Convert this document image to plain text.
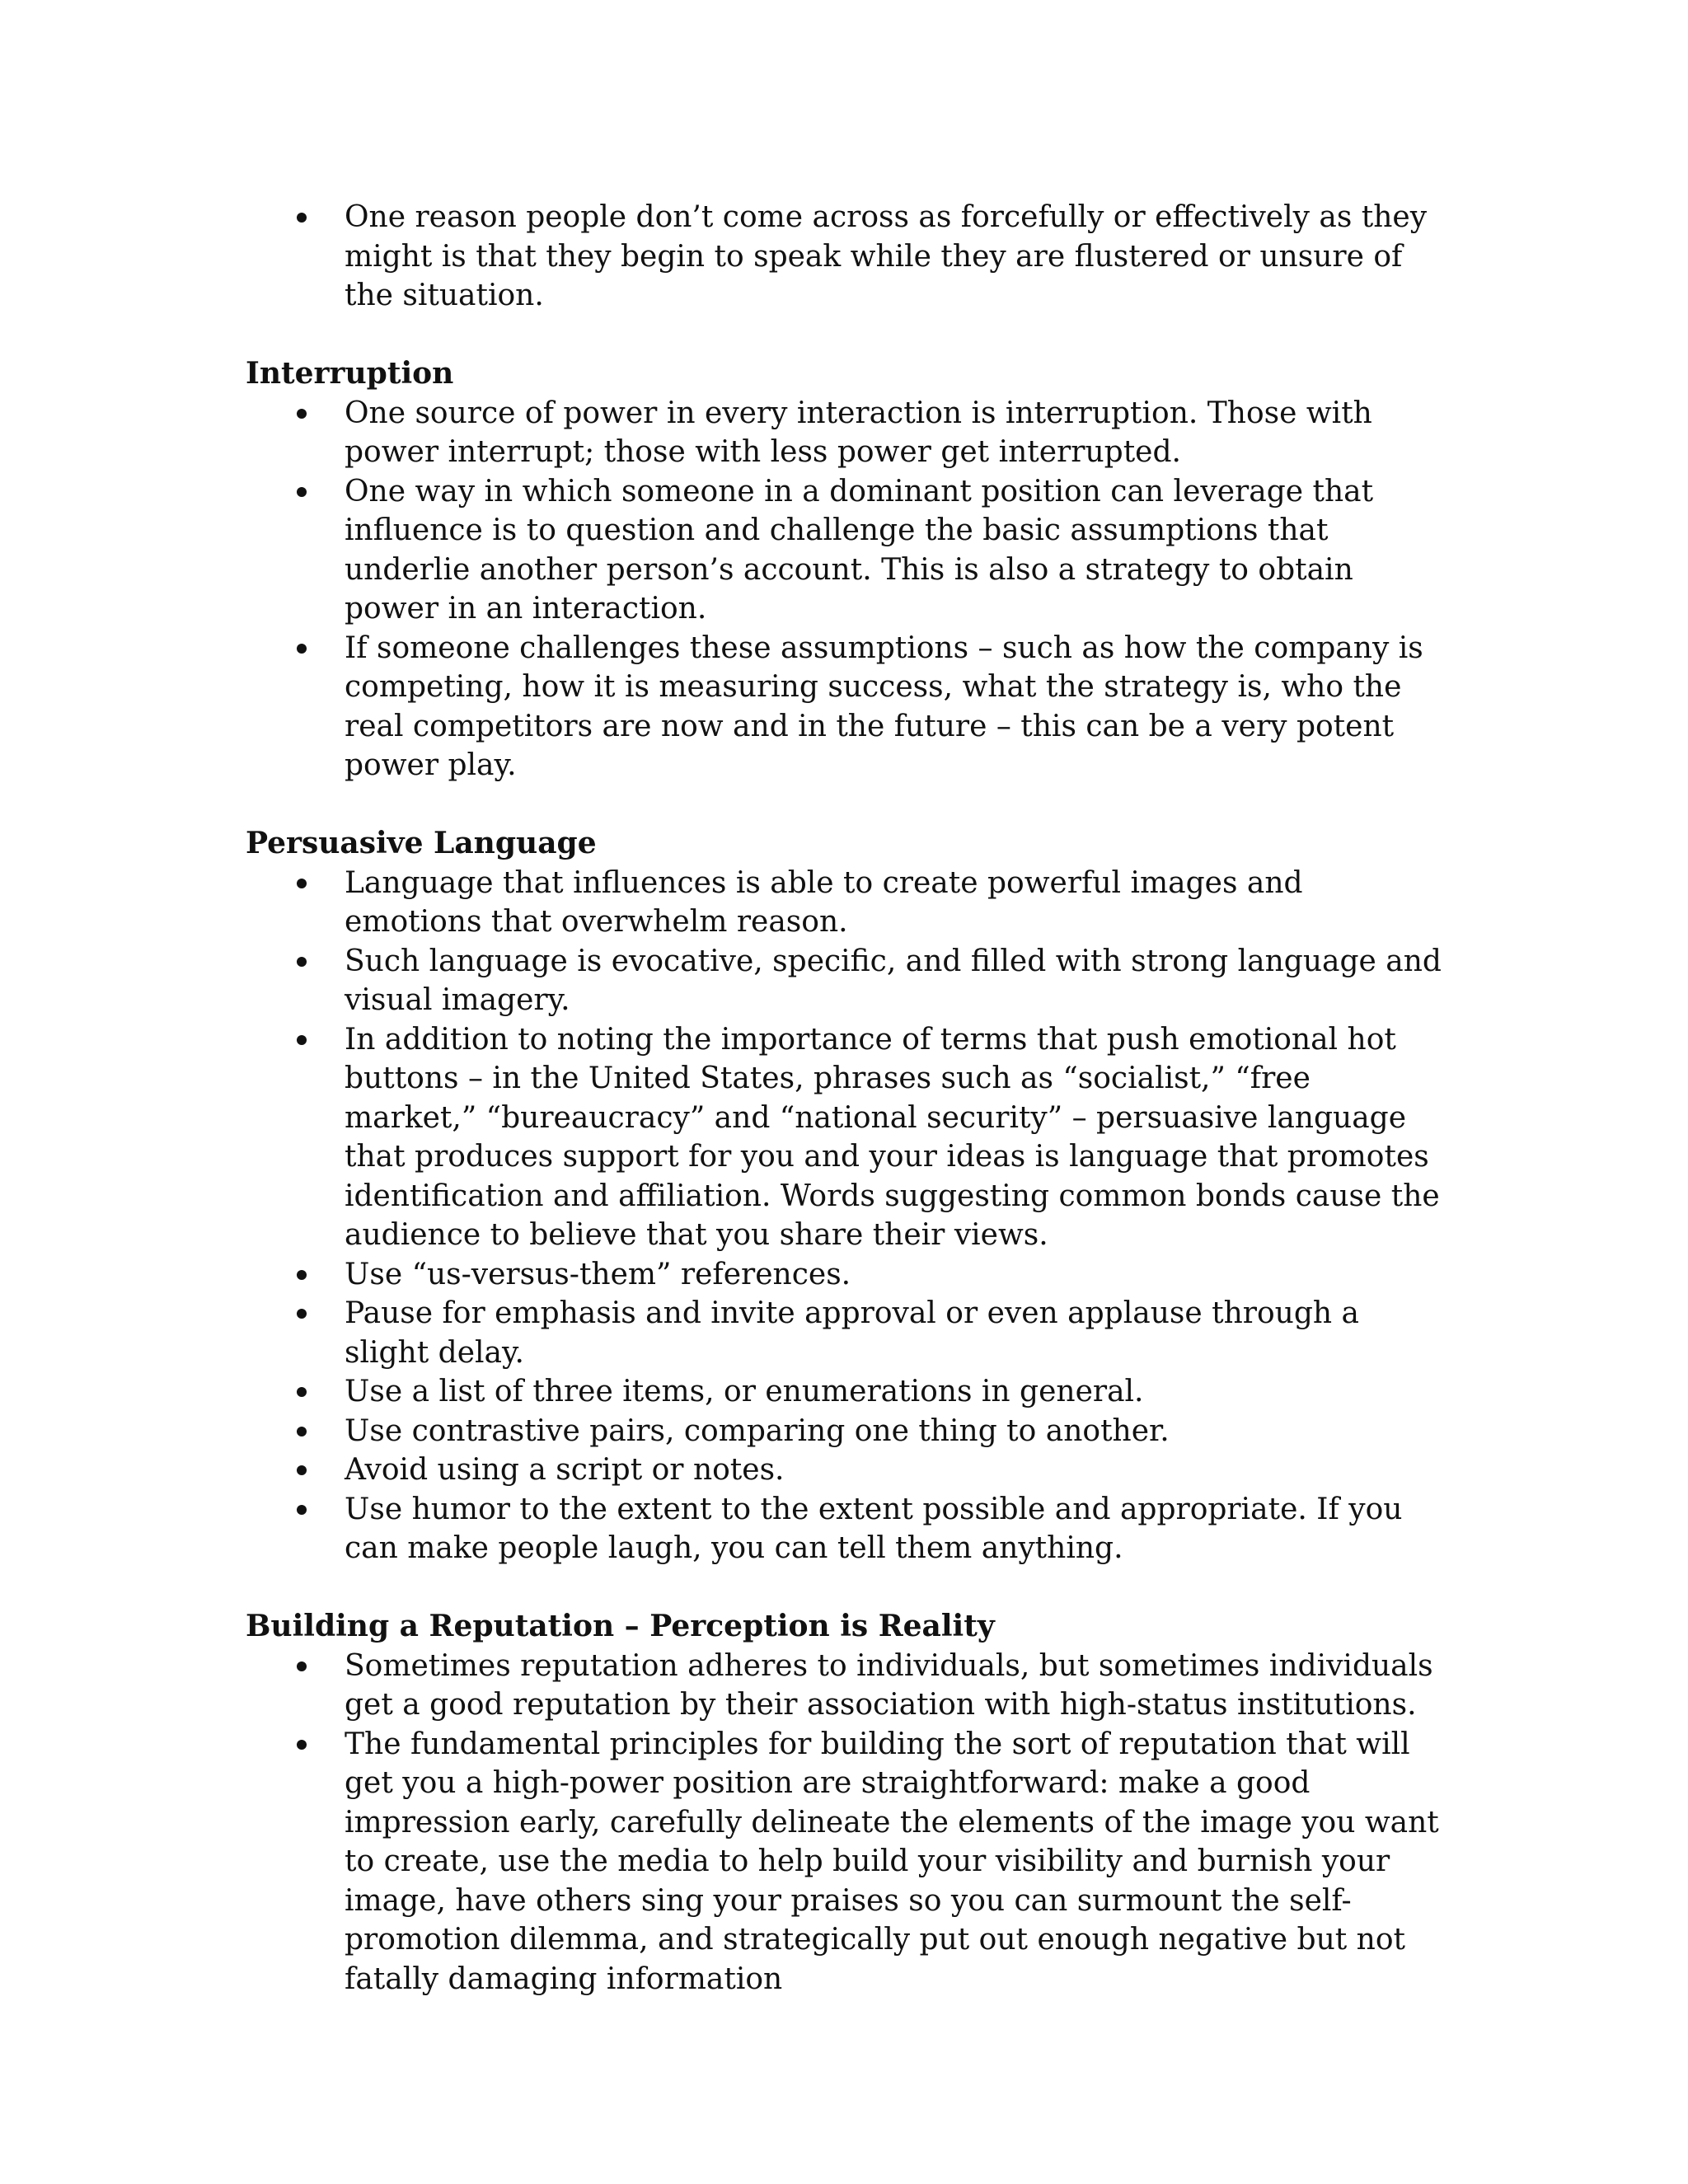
One reason people don’t come across as forcefully or effectively as they might is that they begin to speak while they are flustered or unsure of the situation.
Interruption
One source of power in every interaction is interruption. Those with power interrupt; those with less power get interrupted.
One way in which someone in a dominant position can leverage that influence is to question and challenge the basic assumptions that underlie another person’s account. This is also a strategy to obtain power in an interaction.
If someone challenges these assumptions – such as how the company is competing, how it is measuring success, what the strategy is, who the real competitors are now and in the future – this can be a very potent power play.
Persuasive Language
Language that influences is able to create powerful images and emotions that overwhelm reason.
Such language is evocative, specific, and filled with strong language and visual imagery.
In addition to noting the importance of terms that push emotional hot buttons – in the United States, phrases such as “socialist,” “free market,” “bureaucracy” and “national security” – persuasive language that produces support for you and your ideas is language that promotes identification and affiliation. Words suggesting common bonds cause the audience to believe that you share their views.
Use “us-versus-them” references.
Pause for emphasis and invite approval or even applause through a slight delay.
Use a list of three items, or enumerations in general.
Use contrastive pairs, comparing one thing to another.
Avoid using a script or notes.
Use humor to the extent to the extent possible and appropriate. If you can make people laugh, you can tell them anything.
Building a Reputation – Perception is Reality
Sometimes reputation adheres to individuals, but sometimes individuals get a good reputation by their association with high-status institutions.
The fundamental principles for building the sort of reputation that will get you a high-power position are straightforward: make a good impression early, carefully delineate the elements of the image you want to create, use the media to help build your visibility and burnish your image, have others sing your praises so you can surmount the self-promotion dilemma, and strategically put out enough negative but not fatally damaging information
